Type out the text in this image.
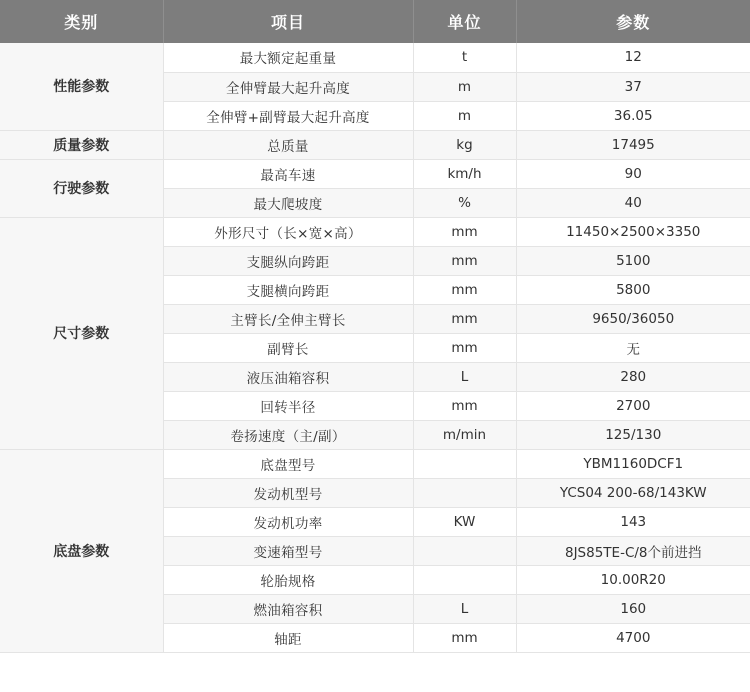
类别	项目	单位	参数
性能参数	最大额定起重量	t	12
	全伸臂最大起升高度	m	37
	全伸臂+副臂最大起升高度	m	36.05
质量参数	总质量	kg	17495
行驶参数	最高车速	km/h	90
	最大爬坡度	%	40
尺寸参数	外形尺寸（长×宽×高）	mm	11450×2500×3350
	支腿纵向跨距	mm	5100
	支腿横向跨距	mm	5800
	主臂长/全伸主臂长	mm	9650/36050
	副臂长	mm	无
	液压油箱容积	L	280
	回转半径	mm	2700
	卷扬速度（主/副）	m/min	125/130
底盘参数	底盘型号		YBM1160DCF1
	发动机型号		YCS04 200-68/143KW
	发动机功率	KW	143
	变速箱型号		8JS85TE-C/8个前进挡
	轮胎规格		10.00R20
	燃油箱容积	L	160
	轴距	mm	4700
